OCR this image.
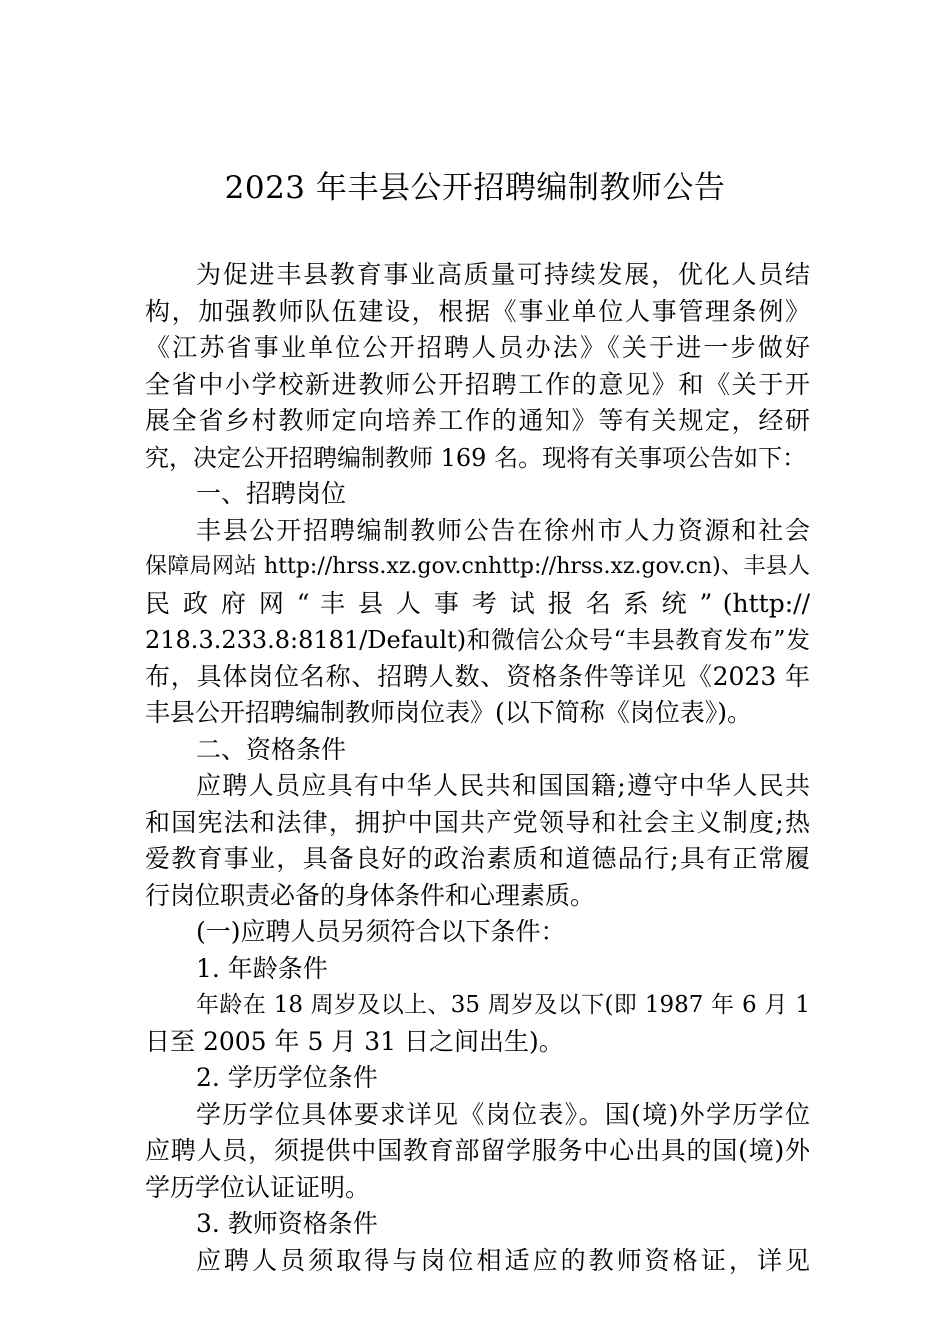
2023 年丰县公开招聘编制教师公告
为促进丰县教育事业高质量可持续发展，优化人员结
构，加强教师队伍建设，根据《事业单位人事管理条例》
《江苏省事业单位公开招聘人员办法》《关于进一步做好
全省中小学校新进教师公开招聘工作的意见》和《关于开
展全省乡村教师定向培养工作的通知》等有关规定，经研
究，决定公开招聘编制教师 169 名。现将有关事项公告如下：
一、招聘岗位
丰县公开招聘编制教师公告在徐州市人力资源和社会
保障局网站 http://hrss.xz.gov.cnhttp://hrss.xz.gov.cn)、丰县人
民 政 府 网 “ 丰 县 人 事 考 试 报 名 系 统 ” (http://
218.3.233.8:8181/Default)和微信公众号“丰县教育发布”发
布，具体岗位名称、招聘人数、资格条件等详见《2023 年
丰县公开招聘编制教师岗位表》(以下简称《岗位表》)。
二、资格条件
应聘人员应具有中华人民共和国国籍;遵守中华人民共
和国宪法和法律，拥护中国共产党领导和社会主义制度;热
爱教育事业，具备良好的政治素质和道德品行;具有正常履
行岗位职责必备的身体条件和心理素质。
(一)应聘人员另须符合以下条件：
1. 年龄条件
年龄在 18 周岁及以上、35 周岁及以下(即 1987 年 6 月 1
日至 2005 年 5 月 31 日之间出生)。
2. 学历学位条件
学历学位具体要求详见《岗位表》。国(境)外学历学位
应聘人员，须提供中国教育部留学服务中心出具的国(境)外
学历学位认证证明。
3. 教师资格条件
应聘人员须取得与岗位相适应的教师资格证，详见
